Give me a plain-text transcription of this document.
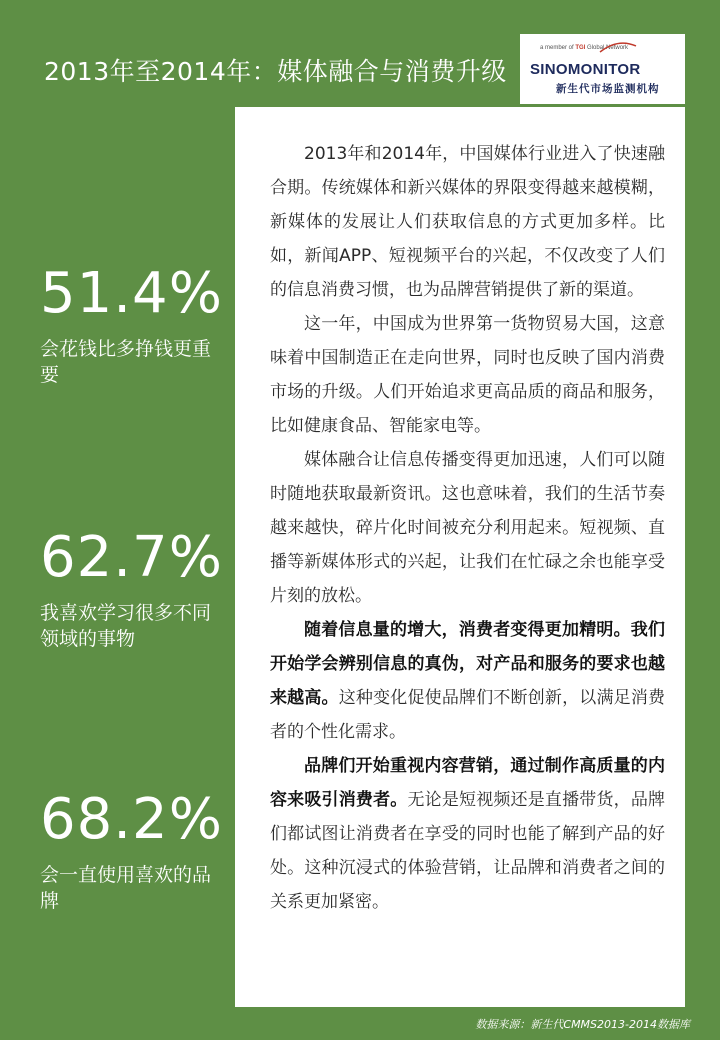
2013年至2014年：媒体融合与消费升级
a member of TGI Global Network
SINOMONITOR
新生代市场监测机构
51.4%
会花钱比多挣钱更重要
62.7%
我喜欢学习很多不同领域的事物
68.2%
会一直使用喜欢的品牌

2013年和2014年，中国媒体行业进入了快速融合期。传统媒体和新兴媒体的界限变得越来越模糊，新媒体的发展让人们获取信息的方式更加多样。比如，新闻APP、短视频平台的兴起，不仅改变了人们的信息消费习惯，也为品牌营销提供了新的渠道。

这一年，中国成为世界第一货物贸易大国，这意味着中国制造正在走向世界，同时也反映了国内消费市场的升级。人们开始追求更高品质的商品和服务，比如健康食品、智能家电等。

媒体融合让信息传播变得更加迅速，人们可以随时随地获取最新资讯。这也意味着，我们的生活节奏越来越快，碎片化时间被充分利用起来。短视频、直播等新媒体形式的兴起，让我们在忙碌之余也能享受片刻的放松。

随着信息量的增大，消费者变得更加精明。我们开始学会辨别信息的真伪，对产品和服务的要求也越来越高。这种变化促使品牌们不断创新，以满足消费者的个性化需求。

品牌们开始重视内容营销，通过制作高质量的内容来吸引消费者。无论是短视频还是直播带货，品牌们都试图让消费者在享受的同时也能了解到产品的好处。这种沉浸式的体验营销，让品牌和消费者之间的关系更加紧密。

数据来源：新生代CMMS2013-2014数据库
